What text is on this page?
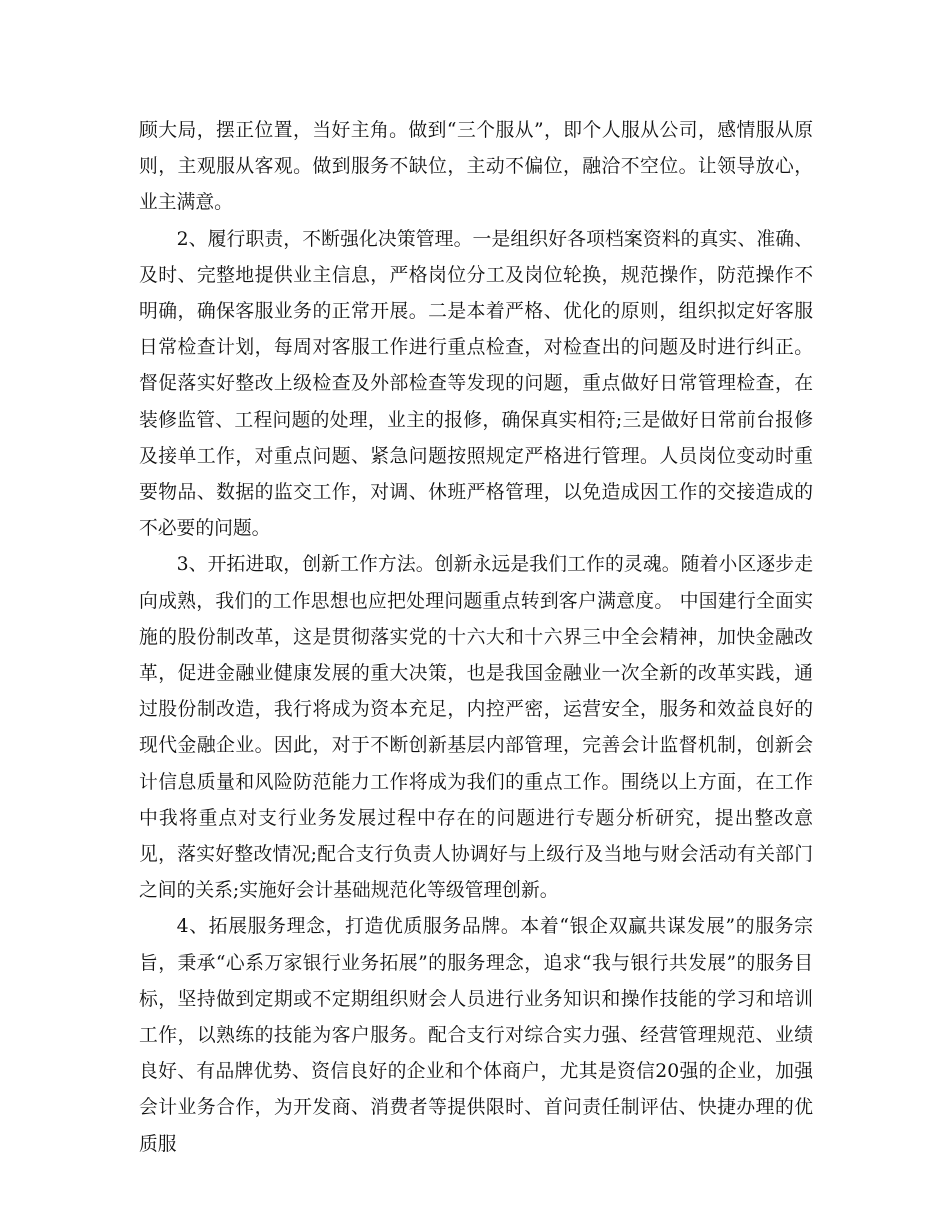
顾大局，摆正位置，当好主角。做到“三个服从”，即个人服从公司，感情服从原则，主观服从客观。做到服务不缺位，主动不偏位，融洽不空位。让领导放心，业主满意。

2、履行职责，不断强化决策管理。一是组织好各项档案资料的真实、准确、及时、完整地提供业主信息，严格岗位分工及岗位轮换，规范操作，防范操作不明确，确保客服业务的正常开展。二是本着严格、优化的原则，组织拟定好客服日常检查计划，每周对客服工作进行重点检查，对检查出的问题及时进行纠正。督促落实好整改上级检查及外部检查等发现的问题，重点做好日常管理检查，在装修监管、工程问题的处理，业主的报修，确保真实相符;三是做好日常前台报修及接单工作，对重点问题、紧急问题按照规定严格进行管理。人员岗位变动时重要物品、数据的监交工作，对调、休班严格管理，以免造成因工作的交接造成的不必要的问题。

3、开拓进取，创新工作方法。创新永远是我们工作的灵魂。随着小区逐步走向成熟，我们的工作思想也应把处理问题重点转到客户满意度。 中国建行全面实施的股份制改革，这是贯彻落实党的十六大和十六界三中全会精神，加快金融改革，促进金融业健康发展的重大决策，也是我国金融业一次全新的改革实践，通过股份制改造，我行将成为资本充足，内控严密，运营安全，服务和效益良好的现代金融企业。因此，对于不断创新基层内部管理，完善会计监督机制，创新会计信息质量和风险防范能力工作将成为我们的重点工作。围绕以上方面，在工作中我将重点对支行业务发展过程中存在的问题进行专题分析研究，提出整改意见，落实好整改情况;配合支行负责人协调好与上级行及当地与财会活动有关部门之间的关系;实施好会计基础规范化等级管理创新。

4、拓展服务理念，打造优质服务品牌。本着“银企双赢共谋发展”的服务宗旨，秉承“心系万家银行业务拓展”的服务理念，追求“我与银行共发展”的服务目标，坚持做到定期或不定期组织财会人员进行业务知识和操作技能的学习和培训工作，以熟练的技能为客户服务。配合支行对综合实力强、经营管理规范、业绩良好、有品牌优势、资信良好的企业和个体商户，尤其是资信20强的企业，加强会计业务合作，为开发商、消费者等提供限时、首问责任制评估、快捷办理的优质服
